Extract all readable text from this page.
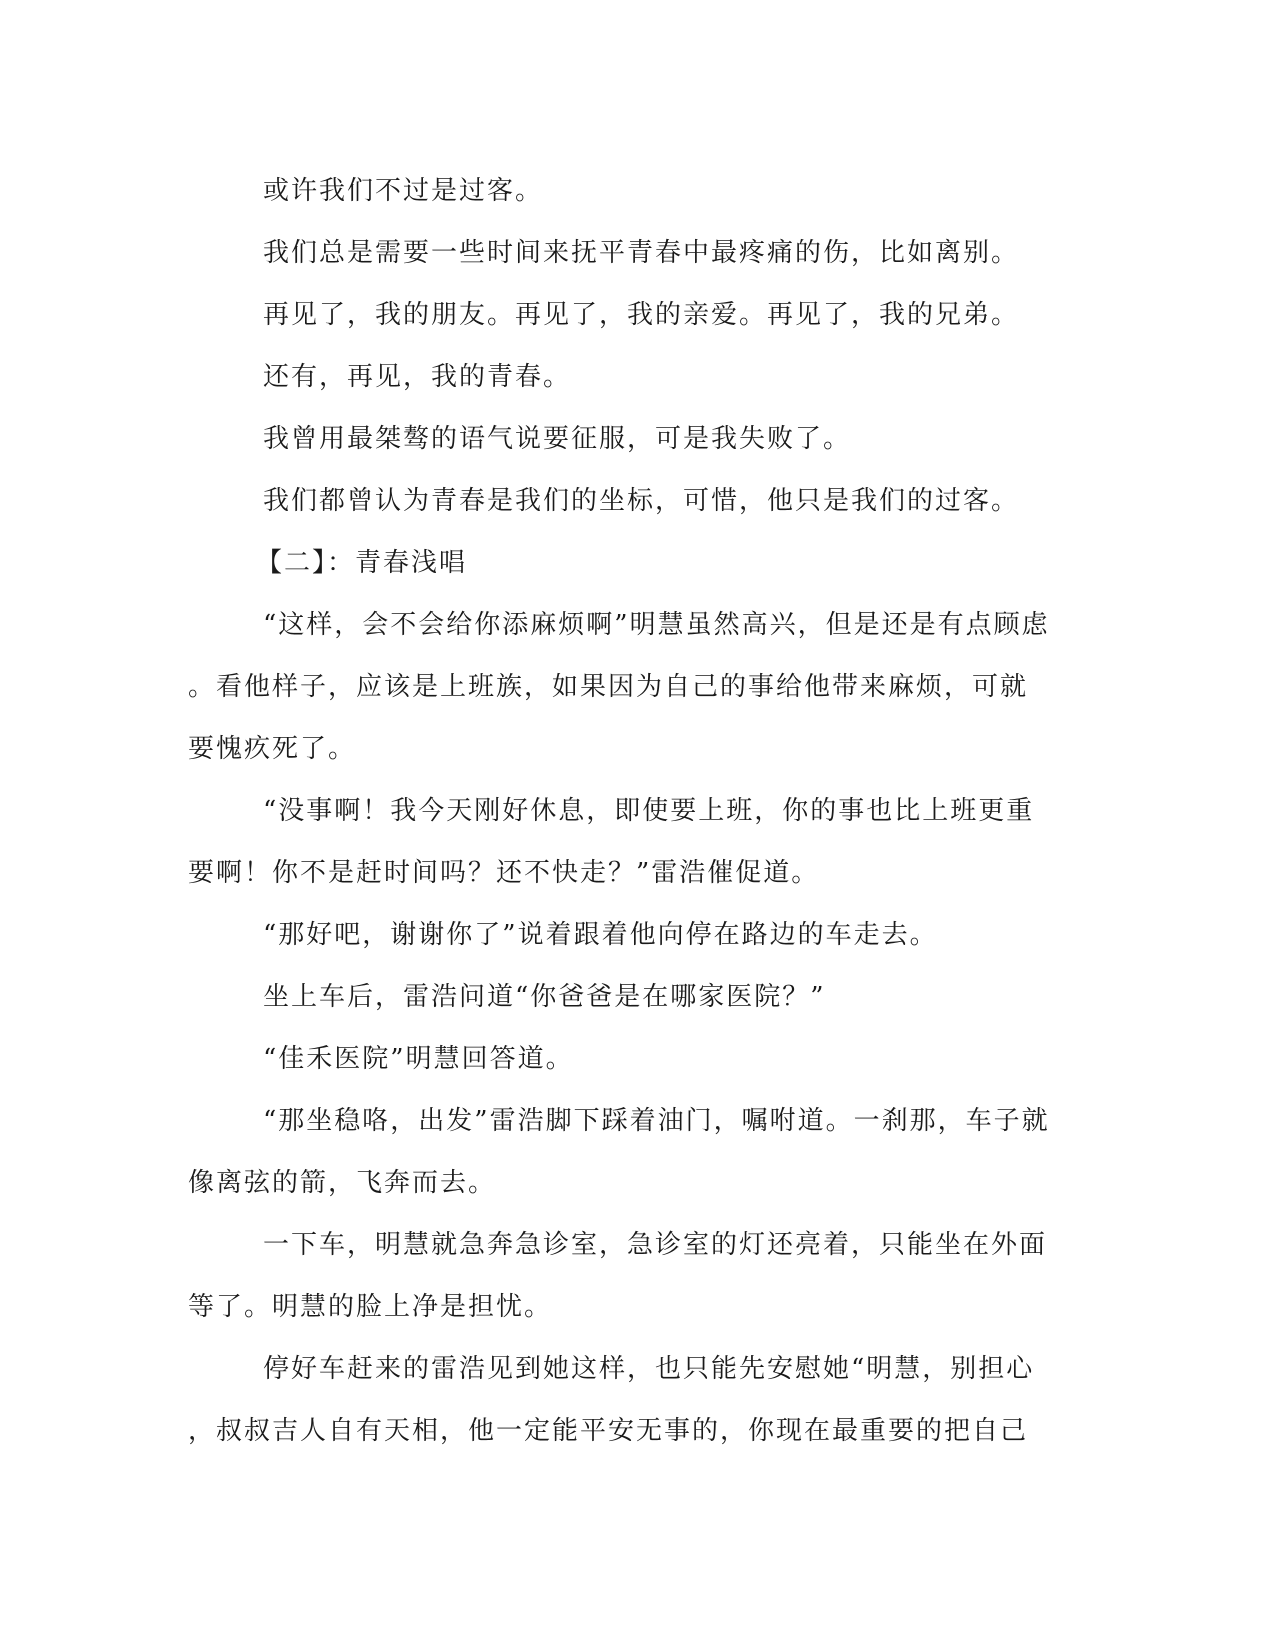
或许我们不过是过客。
我们总是需要一些时间来抚平青春中最疼痛的伤，比如离别。
再见了，我的朋友。再见了，我的亲爱。再见了，我的兄弟。
还有，再见，我的青春。
我曾用最桀骜的语气说要征服，可是我失败了。
我们都曾认为青春是我们的坐标，可惜，他只是我们的过客。
【二】：青春浅唱
“这样，会不会给你添麻烦啊”明慧虽然高兴，但是还是有点顾虑
。看他样子，应该是上班族，如果因为自己的事给他带来麻烦，可就
要愧疚死了。
“没事啊！我今天刚好休息，即使要上班，你的事也比上班更重
要啊！你不是赶时间吗？还不快走？”雷浩催促道。
“那好吧，谢谢你了”说着跟着他向停在路边的车走去。
坐上车后，雷浩问道“你爸爸是在哪家医院？”
“佳禾医院”明慧回答道。
“那坐稳咯，出发”雷浩脚下踩着油门，嘱咐道。一刹那，车子就
像离弦的箭，飞奔而去。
一下车，明慧就急奔急诊室，急诊室的灯还亮着，只能坐在外面
等了。明慧的脸上净是担忧。
停好车赶来的雷浩见到她这样，也只能先安慰她“明慧，别担心
，叔叔吉人自有天相，他一定能平安无事的，你现在最重要的把自己
